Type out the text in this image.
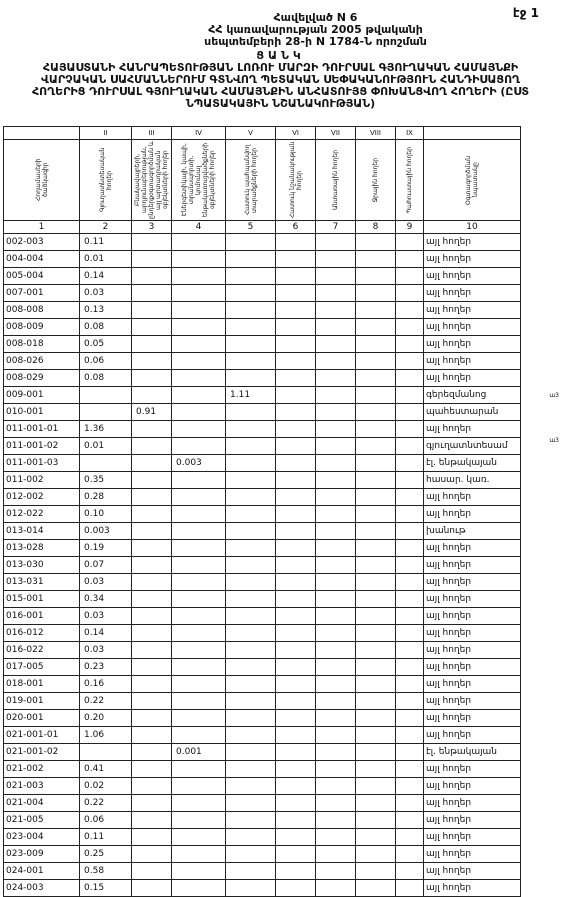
էջ 1
Հավելված N 6
ՀՀ կառավարության 2005 թվականի
սեպտեմբերի 28-ի N 1784-Ն որոշման
ՑԱՆԿ
ՀԱՅԱՍՏԱՆԻ ՀԱՆՐԱՊԵՏՈՒԹՅԱՆ ԼՈՌՈՒ ՄԱՐԶԻ ԴՈՒՐՍԱԼ ԳՅՈՒՂԱԿԱՆ ՀԱՄԱՅՆՔԻ
ՎԱՐՉԱԿԱՆ ՍԱՀՄԱՆՆԵՐՈՒՄ ԳՏՆՎՈՂ ՊԵՏԱԿԱՆ ՍԵՓԱԿԱՆՈՒԹՅՈՒՆ ՀԱՆԴԻՍԱՑՈՂ
ՀՈՂԵՐԻՑ ԴՈՒՐՍԱԼ ԳՅՈՒՂԱԿԱՆ ՀԱՄԱՅՆՔԻՆ ԱՆՀԱՏՈՒՅՑ ՓՈԽԱՆՑՎՈՂ ՀՈՂԵՐԻ (ԸՍՏ
ՆՊԱՏԱԿԱՅԻՆ ՆՇԱՆԱԿՈՒԹՅԱՆ)
	II	III	IV	V	VI	VII	VIII	IX	

Հողամասերի ծածկագիր	Գյուղատնտեսական հողեր	Բնակավայրերի, արդյունաբերության, ընդերքօգտագործման և այլ արտադրական օբյեկտների հողեր	Էներգետիկայի, կապի, տրանսպորտի, կոմունալ ենթակառուցվածքների օբյեկտների հողեր	Հատուկ պահպանվող տարածքների հողեր	Հատուկ նշանակության հողեր	Անտառային հողեր	Ջրային հողեր	Պահուստային հողեր	Օգտագործման նպատակը

1	2	3	4	5	6	7	8	9	10
002-003	0.11								այլ հողեր
004-004	0.01								այլ հողեր
005-004	0.14								այլ հողեր
007-001	0.03								այլ հողեր
008-008	0.13								այլ հողեր
008-009	0.08								այլ հողեր
008-018	0.05								այլ հողեր
008-026	0.06								այլ հողեր
008-029	0.08								այլ հողեր
009-001				1.11					գերեզմանոց
010-001		0.91							պահեստարան
011-001-01	1.36								այլ հողեր
011-001-02	0.01								գյուղատնտեսամ
011-001-03			0.003						էլ. ենթակայան
011-002	0.35								հասար. կառ.
012-002	0.28								այլ հողեր
012-022	0.10								այլ հողեր
013-014	0.003								խանութ
013-028	0.19								այլ հողեր
013-030	0.07								այլ հողեր
013-031	0.03								այլ հողեր
015-001	0.34								այլ հողեր
016-001	0.03								այլ հողեր
016-012	0.14								այլ հողեր
016-022	0.03								այլ հողեր
017-005	0.23								այլ հողեր
018-001	0.16								այլ հողեր
019-001	0.22								այլ հողեր
020-001	0.20								այլ հողեր
021-001-01	1.06								այլ հողեր
021-001-02			0.001						էլ. ենթակայան
021-002	0.41								այլ հողեր
021-003	0.02								այլ հողեր
021-004	0.22								այլ հողեր
021-005	0.06								այլ հողեր
023-004	0.11								այլ հողեր
023-009	0.25								այլ հողեր
024-001	0.58								այլ հողեր
024-003	0.15								այլ հողեր
ա3
ա3
